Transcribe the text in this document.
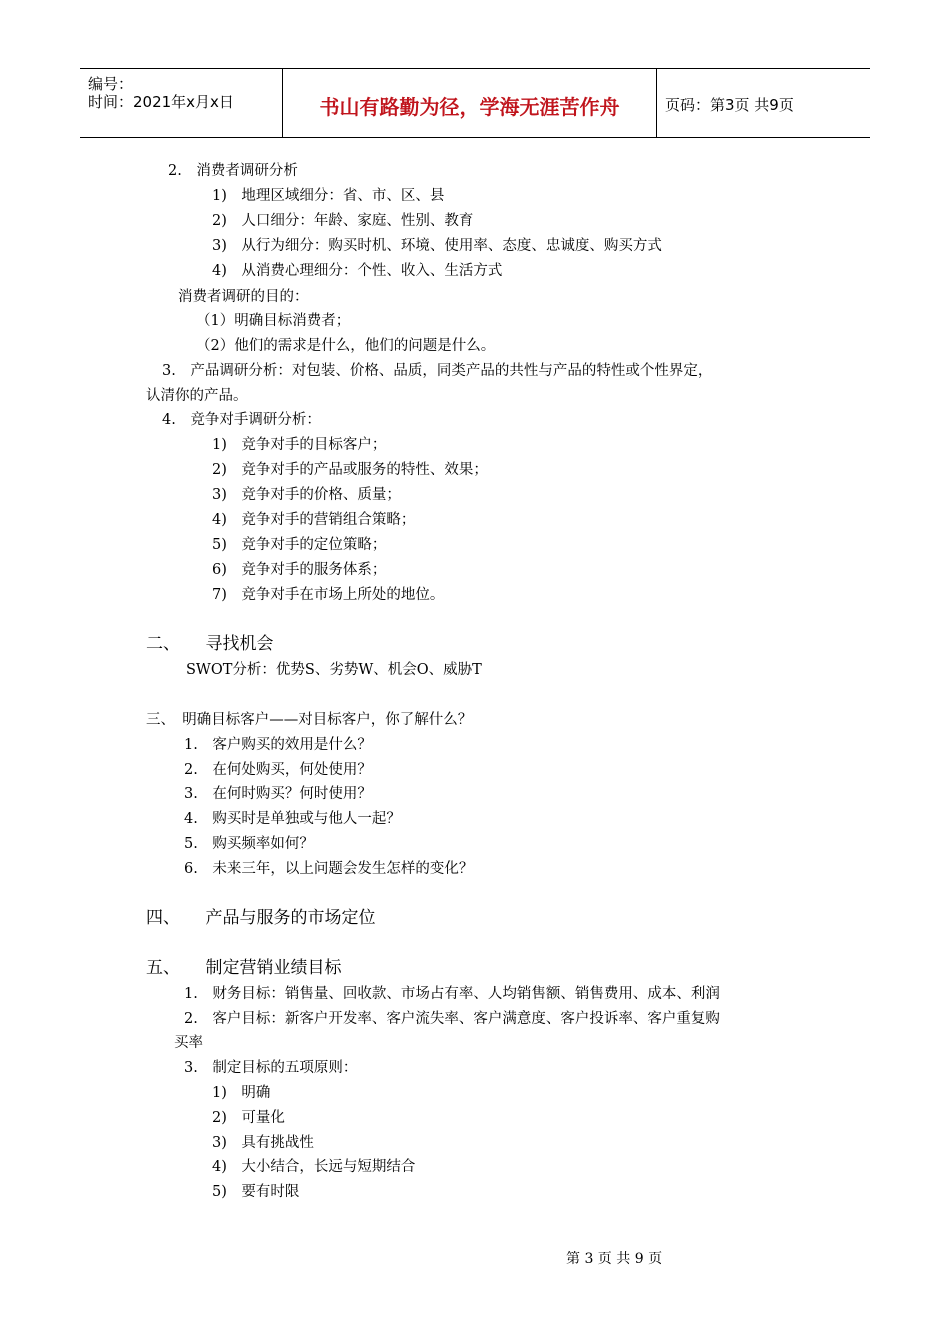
编号：
时间：2021年x月x日	书山有路勤为径，学海无涯苦作舟	页码：第3页 共9页
2.　消费者调研分析
1)　地理区域细分：省、市、区、县
2)　人口细分：年龄、家庭、性别、教育
3)　从行为细分：购买时机、环境、使用率、态度、忠诚度、购买方式
4)　从消费心理细分：个性、收入、生活方式
消费者调研的目的：
（1）明确目标消费者；
（2）他们的需求是什么，他们的问题是什么。
3.　产品调研分析：对包装、价格、品质，同类产品的共性与产品的特性或个性界定，
认清你的产品。
4.　竞争对手调研分析：
1)　竞争对手的目标客户；
2)　竞争对手的产品或服务的特性、效果；
3)　竞争对手的价格、质量；
4)　竞争对手的营销组合策略；
5)　竞争对手的定位策略；
6)　竞争对手的服务体系；
7)　竞争对手在市场上所处的地位。
二、　　寻找机会
SWOT分析：优势S、劣势W、机会O、威胁T
三、　明确目标客户——对目标客户，你了解什么？
1.　客户购买的效用是什么？
2.　在何处购买，何处使用？
3.　在何时购买？何时使用？
4.　购买时是单独或与他人一起？
5.　购买频率如何？
6.　未来三年，以上问题会发生怎样的变化？
四、　　产品与服务的市场定位
五、　　制定营销业绩目标
1.　财务目标：销售量、回收款、市场占有率、人均销售额、销售费用、成本、利润
2.　客户目标：新客户开发率、客户流失率、客户满意度、客户投诉率、客户重复购
买率
3.　制定目标的五项原则：
1)　明确
2)　可量化
3)　具有挑战性
4)　大小结合，长远与短期结合
5)　要有时限
第 3 页 共 9 页
